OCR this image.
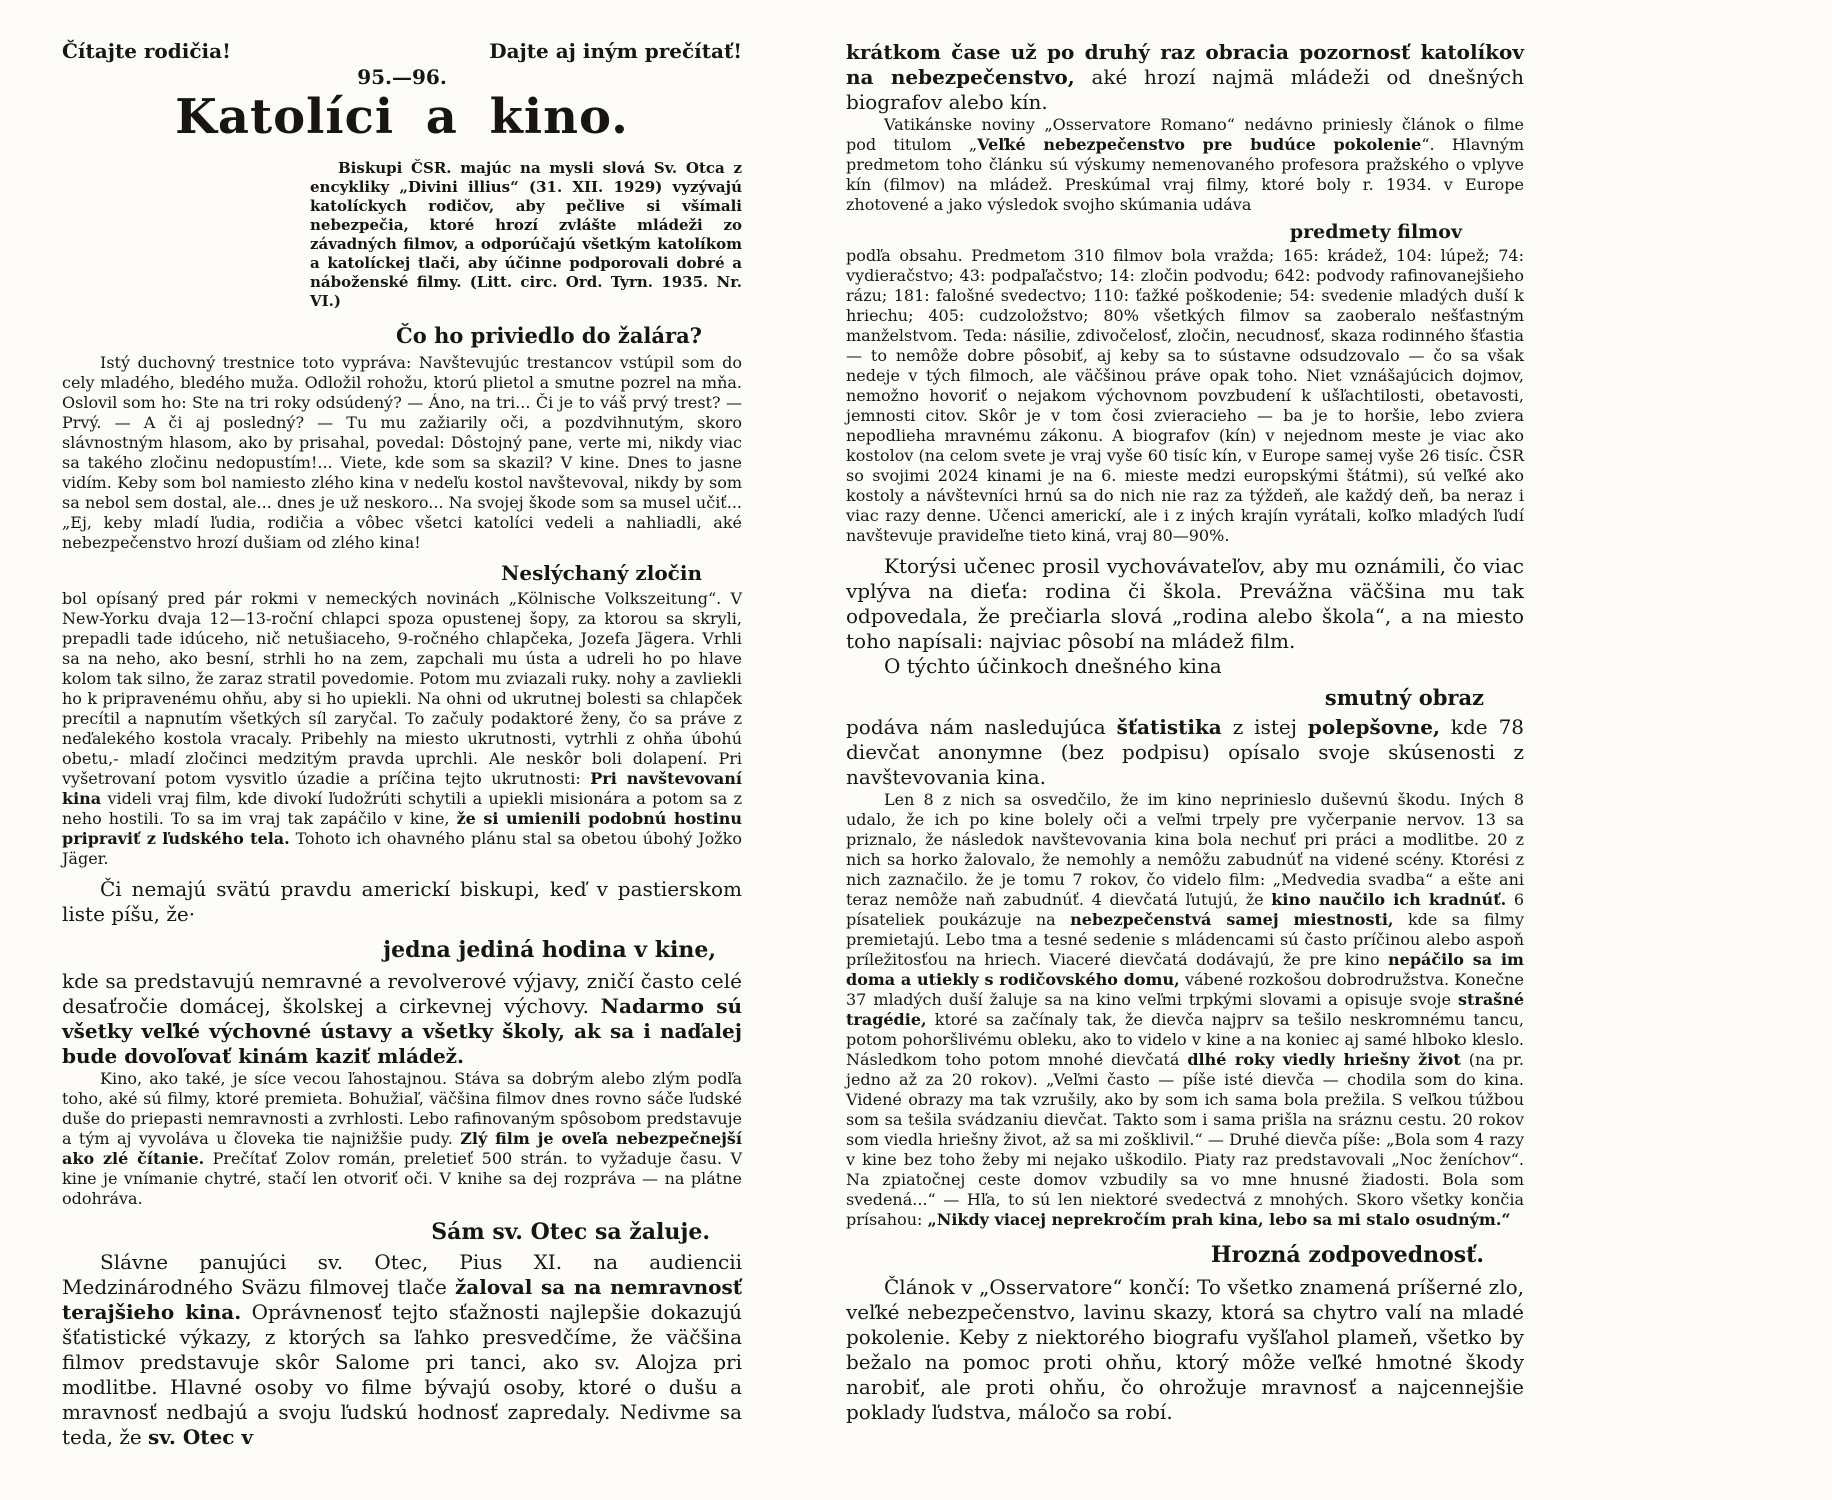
Čítajte rodičia!	Dajte aj iným prečítať!
95.—96.
Katolíci a kino.
Biskupi ČSR. majúc na mysli slová Sv. Otca z encykliky „Divini illius“ (31. XII. 1929) vyzývajú katolíckych rodičov, aby pečlive si všímali nebezpečia, ktoré hrozí zvlášte mládeži zo závadných filmov, a odporúčajú všetkým katolíkom a katolíckej tlači, aby účinne podporovali dobré a náboženské filmy. (Litt. circ. Ord. Tyrn. 1935. Nr. VI.)
Čo ho priviedlo do žalára?
Istý duchovný trestnice toto vypráva: Navštevujúc trestancov vstúpil som do cely mladého, bledého muža. Odložil rohožu, ktorú plietol a smutne pozrel na mňa. Oslovil som ho: Ste na tri roky odsúdený? — Áno, na tri... Či je to váš prvý trest? — Prvý. — A či aj posledný? — Tu mu zažiarily oči, a pozdvihnutým, skoro slávnostným hlasom, ako by prisahal, povedal: Dôstojný pane, verte mi, nikdy viac sa takého zločinu nedopustím!... Viete, kde som sa skazil? V kine. Dnes to jasne vidím. Keby som bol namiesto zlého kina v nedeľu kostol navštevoval, nikdy by som sa nebol sem dostal, ale... dnes je už neskoro... Na svojej škode som sa musel učiť... „Ej, keby mladí ľudia, rodičia a vôbec všetci katolíci vedeli a nahliadli, aké nebezpečenstvo hrozí dušiam od zlého kina!
Neslýchaný zločin
bol opísaný pred pár rokmi v nemeckých novinách „Kölnische Volkszeitung“. V New-Yorku dvaja 12—13-roční chlapci spoza opustenej šopy, za ktorou sa skryli, prepadli tade idúceho, nič netušiaceho, 9-ročného chlapčeka, Jozefa Jägera. Vrhli sa na neho, ako besní, strhli ho na zem, zapchali mu ústa a udreli ho po hlave kolom tak silno, že zaraz stratil povedomie. Potom mu zviazali ruky. nohy a zavliekli ho k pripravenému ohňu, aby si ho upiekli. Na ohni od ukrutnej bolesti sa chlapček precítil a napnutím všetkých síl zaryčal. To začuly podaktoré ženy, čo sa práve z neďalekého kostola vracaly. Pribehly na miesto ukrutnosti, vytrhli z ohňa úbohú obetu,- mladí zločinci medzitým pravda uprchli. Ale neskôr boli dolapení. Pri vyšetrovaní potom vysvitlo úzadie a príčina tejto ukrutnosti: Pri navštevovaní kina videli vraj film, kde divokí ľudožrúti schytili a upiekli misionára a potom sa z neho hostili. To sa im vraj tak zapáčilo v kine, že si umienili podobnú hostinu pripraviť z ľudského tela. Tohoto ich ohavného plánu stal sa obetou úbohý Jožko Jäger.
Či nemajú svätú pravdu americkí biskupi, keď v pastierskom liste píšu, že·
jedna jediná hodina v kine,
kde sa predstavujú nemravné a revolverové výjavy, zničí často celé desaťročie domácej, školskej a cirkevnej výchovy. Nadarmo sú všetky veľké výchovné ústavy a všetky školy, ak sa i naďalej bude dovoľovať kinám kaziť mládež.
Kino, ako také, je síce vecou ľahostajnou. Stáva sa dobrým alebo zlým podľa toho, aké sú filmy, ktoré premieta. Bohužiaľ, väčšina filmov dnes rovno sáče ľudské duše do priepasti nemravnosti a zvrhlosti. Lebo rafinovaným spôsobom predstavuje a tým aj vyvoláva u človeka tie najnižšie pudy. Zlý film je oveľa nebezpečnejší ako zlé čítanie. Prečítať Zolov román, preletieť 500 strán. to vyžaduje času. V kine je vnímanie chytré, stačí len otvoriť oči. V knihe sa dej rozpráva — na plátne odohráva.
Sám sv. Otec sa žaluje.
Slávne panujúci sv. Otec, Pius XI. na audiencii Medzinárodného Sväzu filmovej tlače žaloval sa na nemravnosť terajšieho kina. Oprávnenosť tejto sťažnosti najlepšie dokazujú šťatistické výkazy, z ktorých sa ľahko presvedčíme, že väčšina filmov predstavuje skôr Salome pri tanci, ako sv. Alojza pri modlitbe. Hlavné osoby vo filme bývajú osoby, ktoré o dušu a mravnosť nedbajú a svoju ľudskú hodnosť zapredaly. Nedivme sa teda, že sv. Otec v
krátkom čase už po druhý raz obracia pozornosť katolíkov na nebezpečenstvo, aké hrozí najmä mládeži od dnešných biografov alebo kín.
Vatikánske noviny „Osservatore Romano“ nedávno priniesly článok o filme pod titulom „Veľké nebezpečenstvo pre budúce pokolenie“. Hlavným predmetom toho článku sú výskumy nemenovaného profesora pražského o vplyve kín (filmov) na mládež. Preskúmal vraj filmy, ktoré boly r. 1934. v Europe zhotovené a jako výsledok svojho skúmania udáva
predmety filmov
podľa obsahu. Predmetom 310 filmov bola vražda; 165: krádež, 104: lúpež; 74: vydieračstvo; 43: podpaľačstvo; 14: zločin podvodu; 642: podvody rafinovanejšieho rázu; 181: falošné svedectvo; 110: ťažké poškodenie; 54: svedenie mladých duší k hriechu; 405: cudzoložstvo; 80% všetkých filmov sa zaoberalo nešťastným manželstvom. Teda: násilie, zdivočelosť, zločin, necudnosť, skaza rodinného šťastia — to nemôže dobre pôsobiť, aj keby sa to sústavne odsudzovalo — čo sa však nedeje v tých filmoch, ale väčšinou práve opak toho. Niet vznášajúcich dojmov, nemožno hovoriť o nejakom výchovnom povzbudení k ušľachtilosti, obetavosti, jemnosti citov. Skôr je v tom čosi zvieracieho — ba je to horšie, lebo zviera nepodlieha mravnému zákonu. A biografov (kín) v nejednom meste je viac ako kostolov (na celom svete je vraj vyše 60 tisíc kín, v Europe samej vyše 26 tisíc. ČSR so svojimi 2024 kinami je na 6. mieste medzi europskými štátmi), sú veľké ako kostoly a návštevníci hrnú sa do nich nie raz za týždeň, ale každý deň, ba neraz i viac razy denne. Učenci americkí, ale i z iných krajín vyrátali, koľko mladých ľudí navštevuje pravideľne tieto kiná, vraj 80—90%.
Ktorýsi učenec prosil vychovávateľov, aby mu oznámili, čo viac vplýva na dieťa: rodina či škola. Prevážna väčšina mu tak odpovedala, že prečiarla slová „rodina alebo škola“, a na miesto toho napísali: najviac pôsobí na mládež film.
O týchto účinkoch dnešného kina
smutný obraz
podáva nám nasledujúca šťatistika z istej polepšovne, kde 78 dievčat anonymne (bez podpisu) opísalo svoje skúsenosti z navštevovania kina.
Len 8 z nich sa osvedčilo, že im kino neprinieslo duševnú škodu. Iných 8 udalo, že ich po kine bolely oči a veľmi trpely pre vyčerpanie nervov. 13 sa priznalo, že následok navštevovania kina bola nechuť pri práci a modlitbe. 20 z nich sa horko žalovalo, že nemohly a nemôžu zabudnúť na videné scény. Ktorési z nich zaznačilo. že je tomu 7 rokov, čo videlo film: „Medvedia svadba“ a ešte ani teraz nemôže naň zabudnúť. 4 dievčatá ľutujú, že kino naučilo ich kradnúť. 6 písateliek poukázuje na nebezpečenstvá samej miestnosti, kde sa filmy premietajú. Lebo tma a tesné sedenie s mládencami sú často príčinou alebo aspoň príležitosťou na hriech. Viaceré dievčatá dodávajú, že pre kino nepáčilo sa im doma a utiekly s rodičovského domu, vábené rozkošou dobrodružstva. Konečne 37 mladých duší žaluje sa na kino veľmi trpkými slovami a opisuje svoje strašné tragédie, ktoré sa začínaly tak, že dievča najprv sa tešilo neskromnému tancu, potom pohoršlivému obleku, ako to videlo v kine a na koniec aj samé hlboko kleslo. Následkom toho potom mnohé dievčatá dlhé roky viedly hriešny život (na pr. jedno až za 20 rokov). „Veľmi často — píše isté dievča — chodila som do kina. Videné obrazy ma tak vzrušily, ako by som ich sama bola prežila. S veľkou túžbou som sa tešila svádzaniu dievčat. Takto som i sama prišla na sráznu cestu. 20 rokov som viedla hriešny život, až sa mi zošklivil.“ — Druhé dievča píše: „Bola som 4 razy v kine bez toho žeby mi nejako uškodilo. Piaty raz predstavovali „Noc ženíchov“. Na zpiatočnej ceste domov vzbudily sa vo mne hnusné žiadosti. Bola som svedená...“ — Hľa, to sú len niektoré svedectvá z mnohých. Skoro všetky končia prísahou: „Nikdy viacej neprekročím prah kina, lebo sa mi stalo osudným.“
Hrozná zodpovednosť.
Článok v „Osservatore“ končí: To všetko znamená príšerné zlo, veľké nebezpečenstvo, lavinu skazy, ktorá sa chytro valí na mladé pokolenie. Keby z niektorého biografu vyšľahol plameň, všetko by bežalo na pomoc proti ohňu, ktorý môže veľké hmotné škody narobiť, ale proti ohňu, čo ohrožuje mravnosť a najcennejšie poklady ľudstva, máločo sa robí.
